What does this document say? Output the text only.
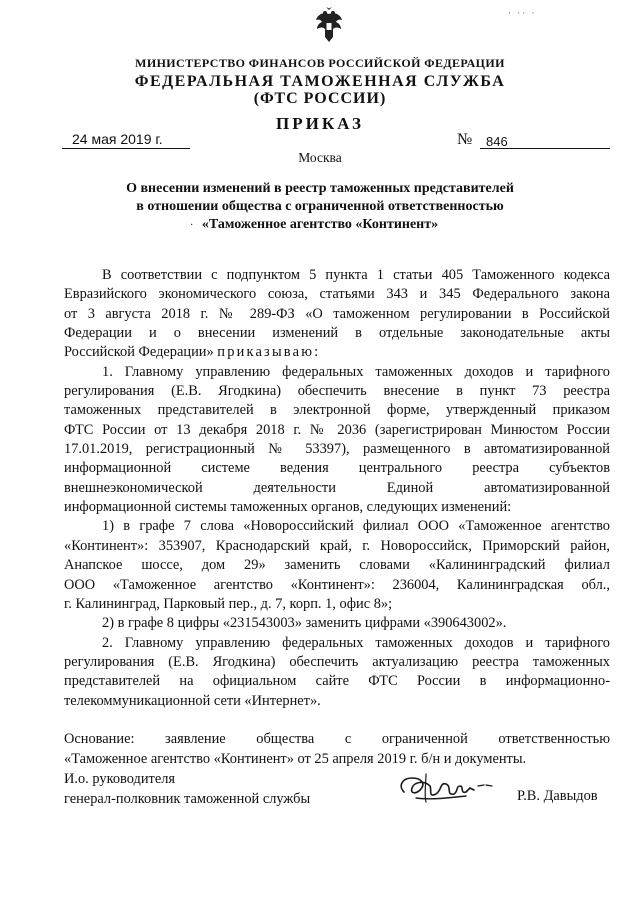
· ·· ·
МИНИСТЕРСТВО ФИНАНСОВ РОССИЙСКОЙ ФЕДЕРАЦИИ
ФЕДЕРАЛЬНАЯ ТАМОЖЕННАЯ СЛУЖБА
(ФТС РОССИИ)
ПРИКАЗ
24 мая 2019 г.	№ 846
Москва
О внесении изменений в реестр таможенных представителей
в отношении общества с ограниченной ответственностью
«Таможенное агентство «Континент»
·
В соответствии с подпунктом 5 пункта 1 статьи 405 Таможенного кодекса
Евразийского экономического союза, статьями 343 и 345 Федерального закона
от 3 августа 2018 г. № 289-ФЗ «О таможенном регулировании в Российской
Федерации и о внесении изменений в отдельные законодательные акты
Российской Федерации» приказываю:
1. Главному управлению федеральных таможенных доходов и тарифного
регулирования (Е.В. Ягодкина) обеспечить внесение в пункт 73 реестра
таможенных представителей в электронной форме, утвержденный приказом
ФТС России от 13 декабря 2018 г. № 2036 (зарегистрирован Минюстом России
17.01.2019, регистрационный № 53397), размещенного в автоматизированной
информационной системе ведения центрального реестра субъектов
внешнеэкономической деятельности Единой автоматизированной
информационной системы таможенных органов, следующих изменений:
1) в графе 7 слова «Новороссийский филиал ООО «Таможенное агентство
«Континент»: 353907, Краснодарский край, г. Новороссийск, Приморский район,
Анапское шоссе, дом 29» заменить словами «Калининградский филиал
ООО «Таможенное агентство «Континент»: 236004, Калининградская обл.,
г. Калининград, Парковый пер., д. 7, корп. 1, офис 8»;
2) в графе 8 цифры «231543003» заменить цифрами «390643002».
2. Главному управлению федеральных таможенных доходов и тарифного
регулирования (Е.В. Ягодкина) обеспечить актуализацию реестра таможенных
представителей на официальном сайте ФТС России в информационно-
телекоммуникационной сети «Интернет».
Основание: заявление общества с ограниченной ответственностью
«Таможенное агентство «Континент» от 25 апреля 2019 г. б/н и документы.
И.о. руководителя
генерал-полковник таможенной службы	Р.В. Давыдов
